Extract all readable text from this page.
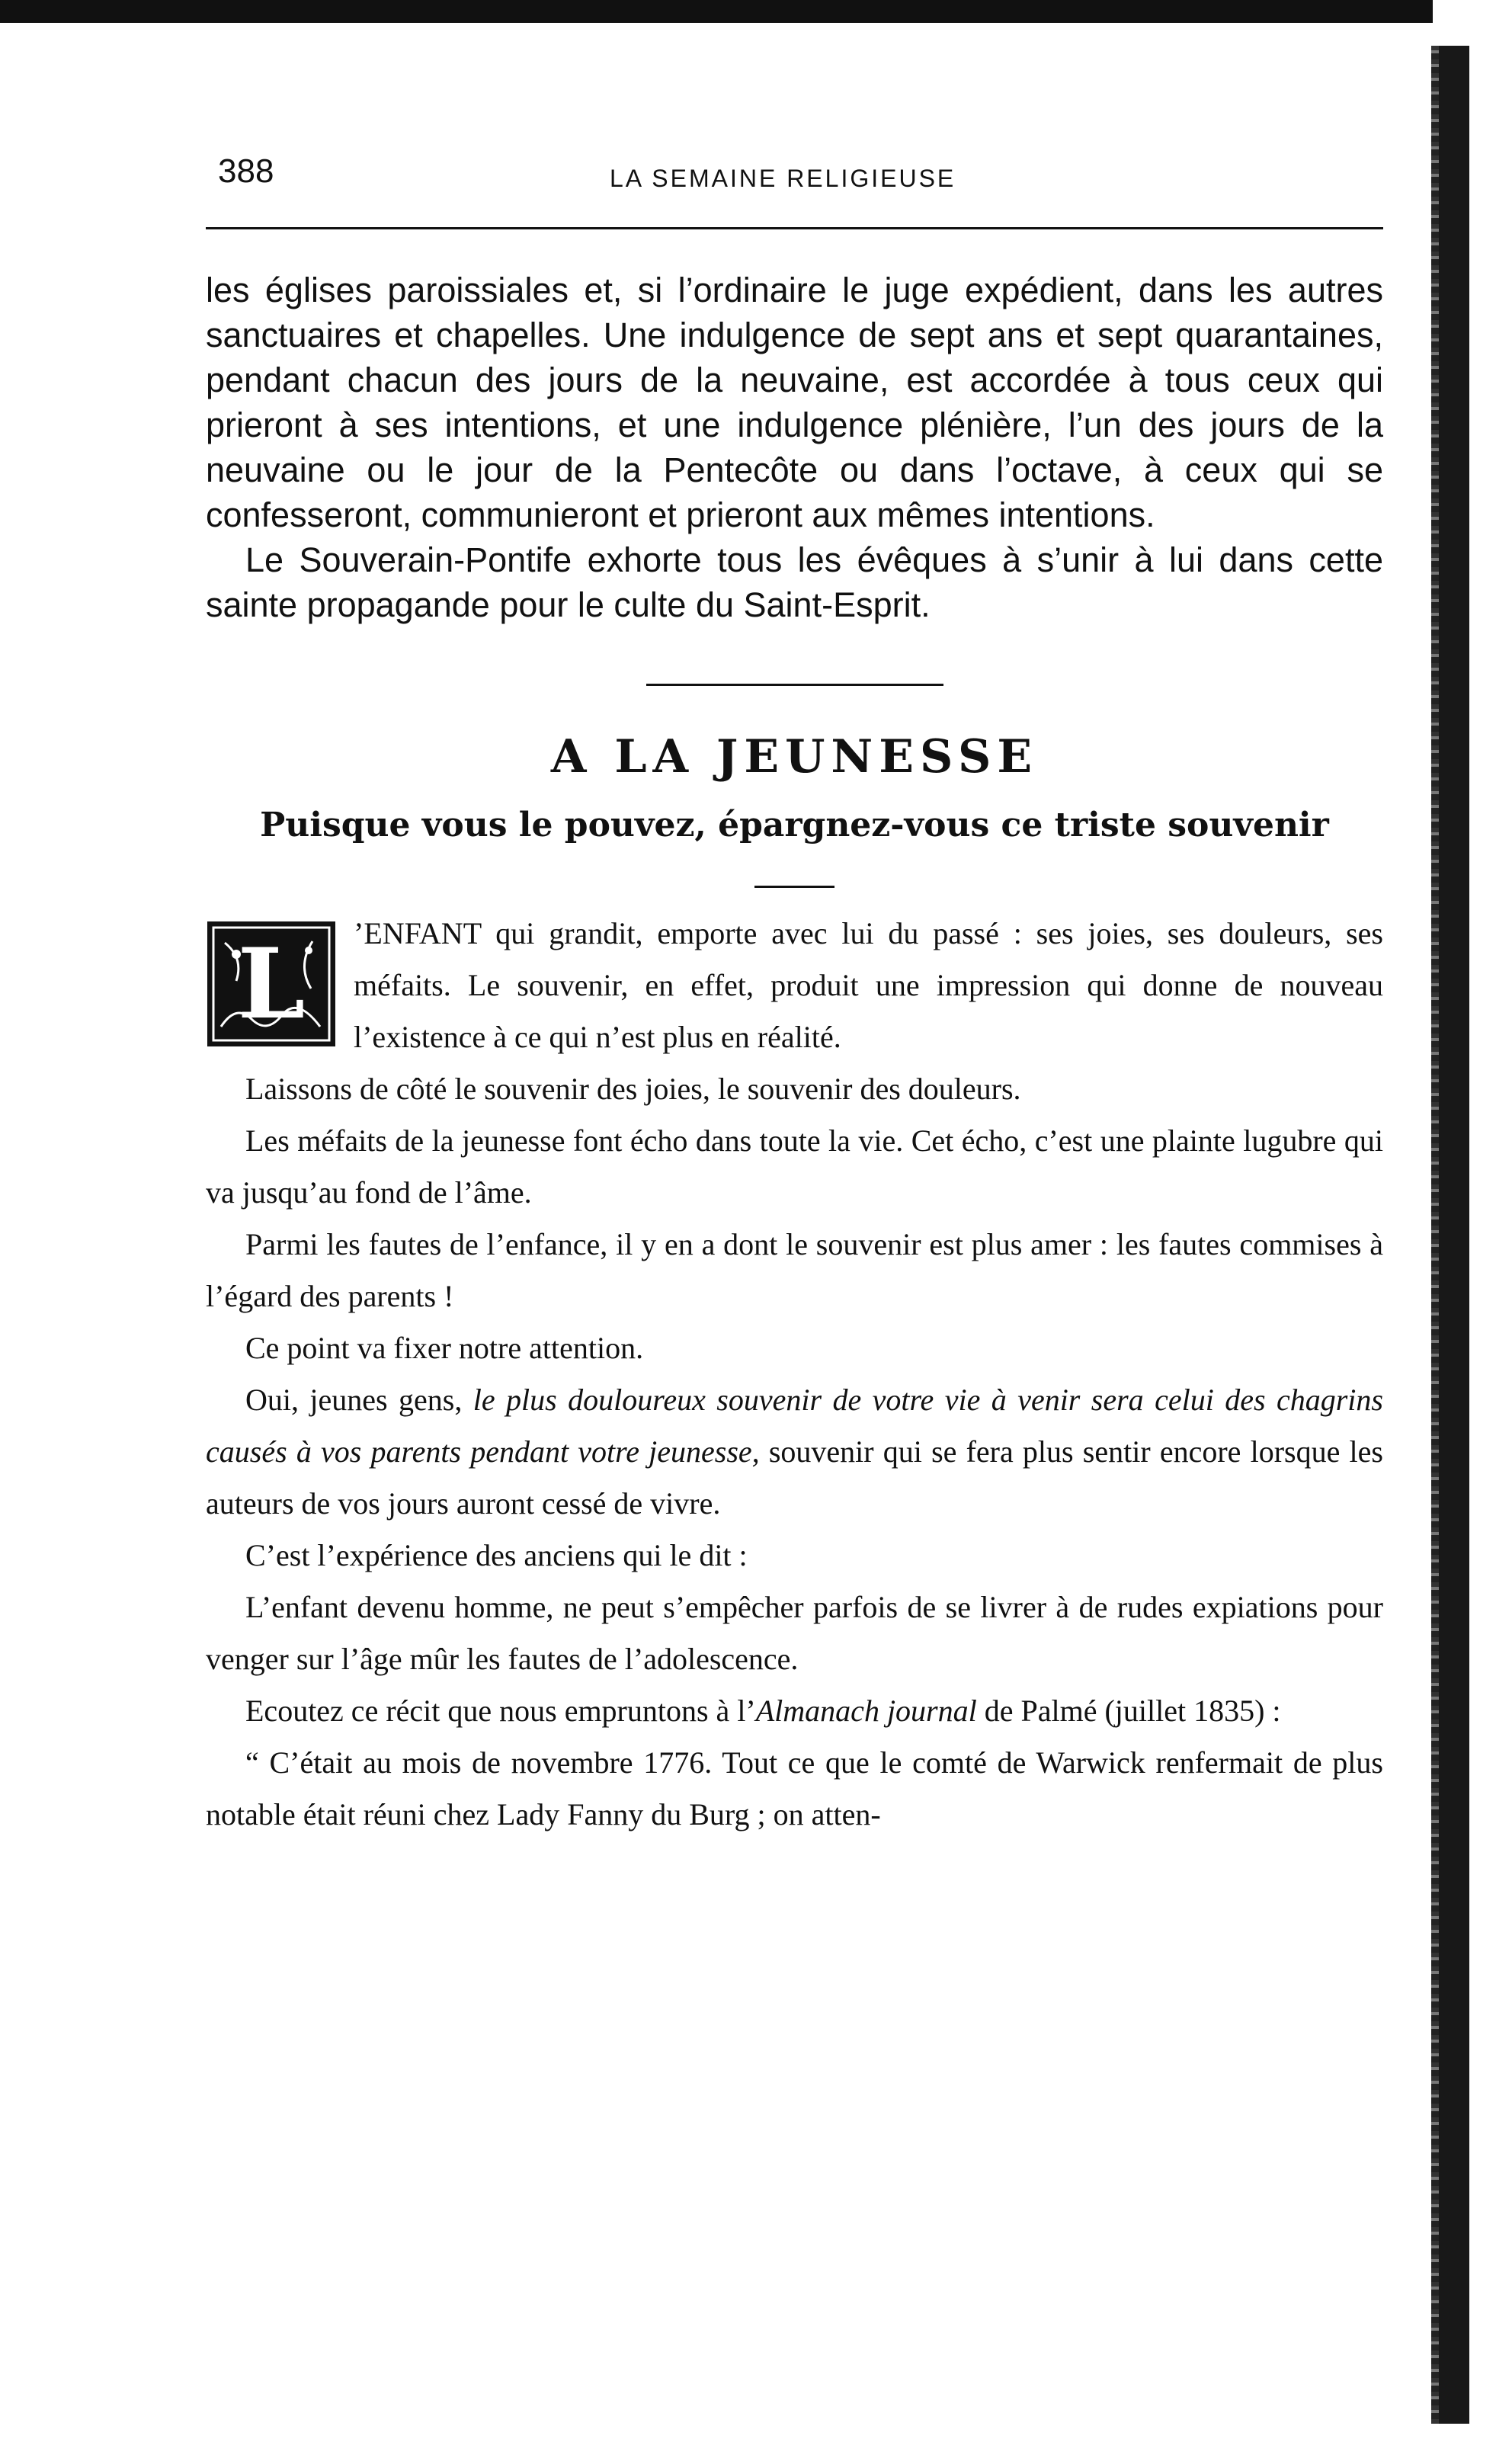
388	LA SEMAINE RELIGIEUSE

les églises paroissiales et, si l’ordinaire le juge expédient, dans les autres sanctuaires et chapelles. Une indulgence de sept ans et sept quarantaines, pendant chacun des jours de la neuvaine, est accordée à tous ceux qui prieront à ses intentions, et une indulgence plénière, l’un des jours de la neuvaine ou le jour de la Pentecôte ou dans l’octave, à ceux qui se confesseront, communieront et prieront aux mêmes intentions.

Le Souverain-Pontife exhorte tous les évêques à s’unir à lui dans cette sainte propagande pour le culte du Saint-Esprit.

A LA JEUNESSE
Puisque vous le pouvez, épargnez-vous ce triste souvenir
L	’ENFANT qui grandit, emporte avec lui du passé : ses joies, ses douleurs, ses méfaits. Le souvenir, en effet, produit une impression qui donne de nouveau l’existence à ce qui n’est plus en réalité.

Laissons de côté le souvenir des joies, le souvenir des douleurs.

Les méfaits de la jeunesse font écho dans toute la vie. Cet écho, c’est une plainte lugubre qui va jusqu’au fond de l’âme.

Parmi les fautes de l’enfance, il y en a dont le souvenir est plus amer : les fautes commises à l’égard des parents !

Ce point va fixer notre attention.

Oui, jeunes gens, le plus douloureux souvenir de votre vie à venir sera celui des chagrins causés à vos parents pendant votre jeunesse, souvenir qui se fera plus sentir encore lorsque les auteurs de vos jours auront cessé de vivre.

C’est l’expérience des anciens qui le dit :

L’enfant devenu homme, ne peut s’empêcher parfois de se livrer à de rudes expiations pour venger sur l’âge mûr les fautes de l’adolescence.

Ecoutez ce récit que nous empruntons à l’Almanach journal de Palmé (juillet 1835) :

“ C’était au mois de novembre 1776. Tout ce que le comté de Warwick renfermait de plus notable était réuni chez Lady Fanny du Burg ; on atten-
